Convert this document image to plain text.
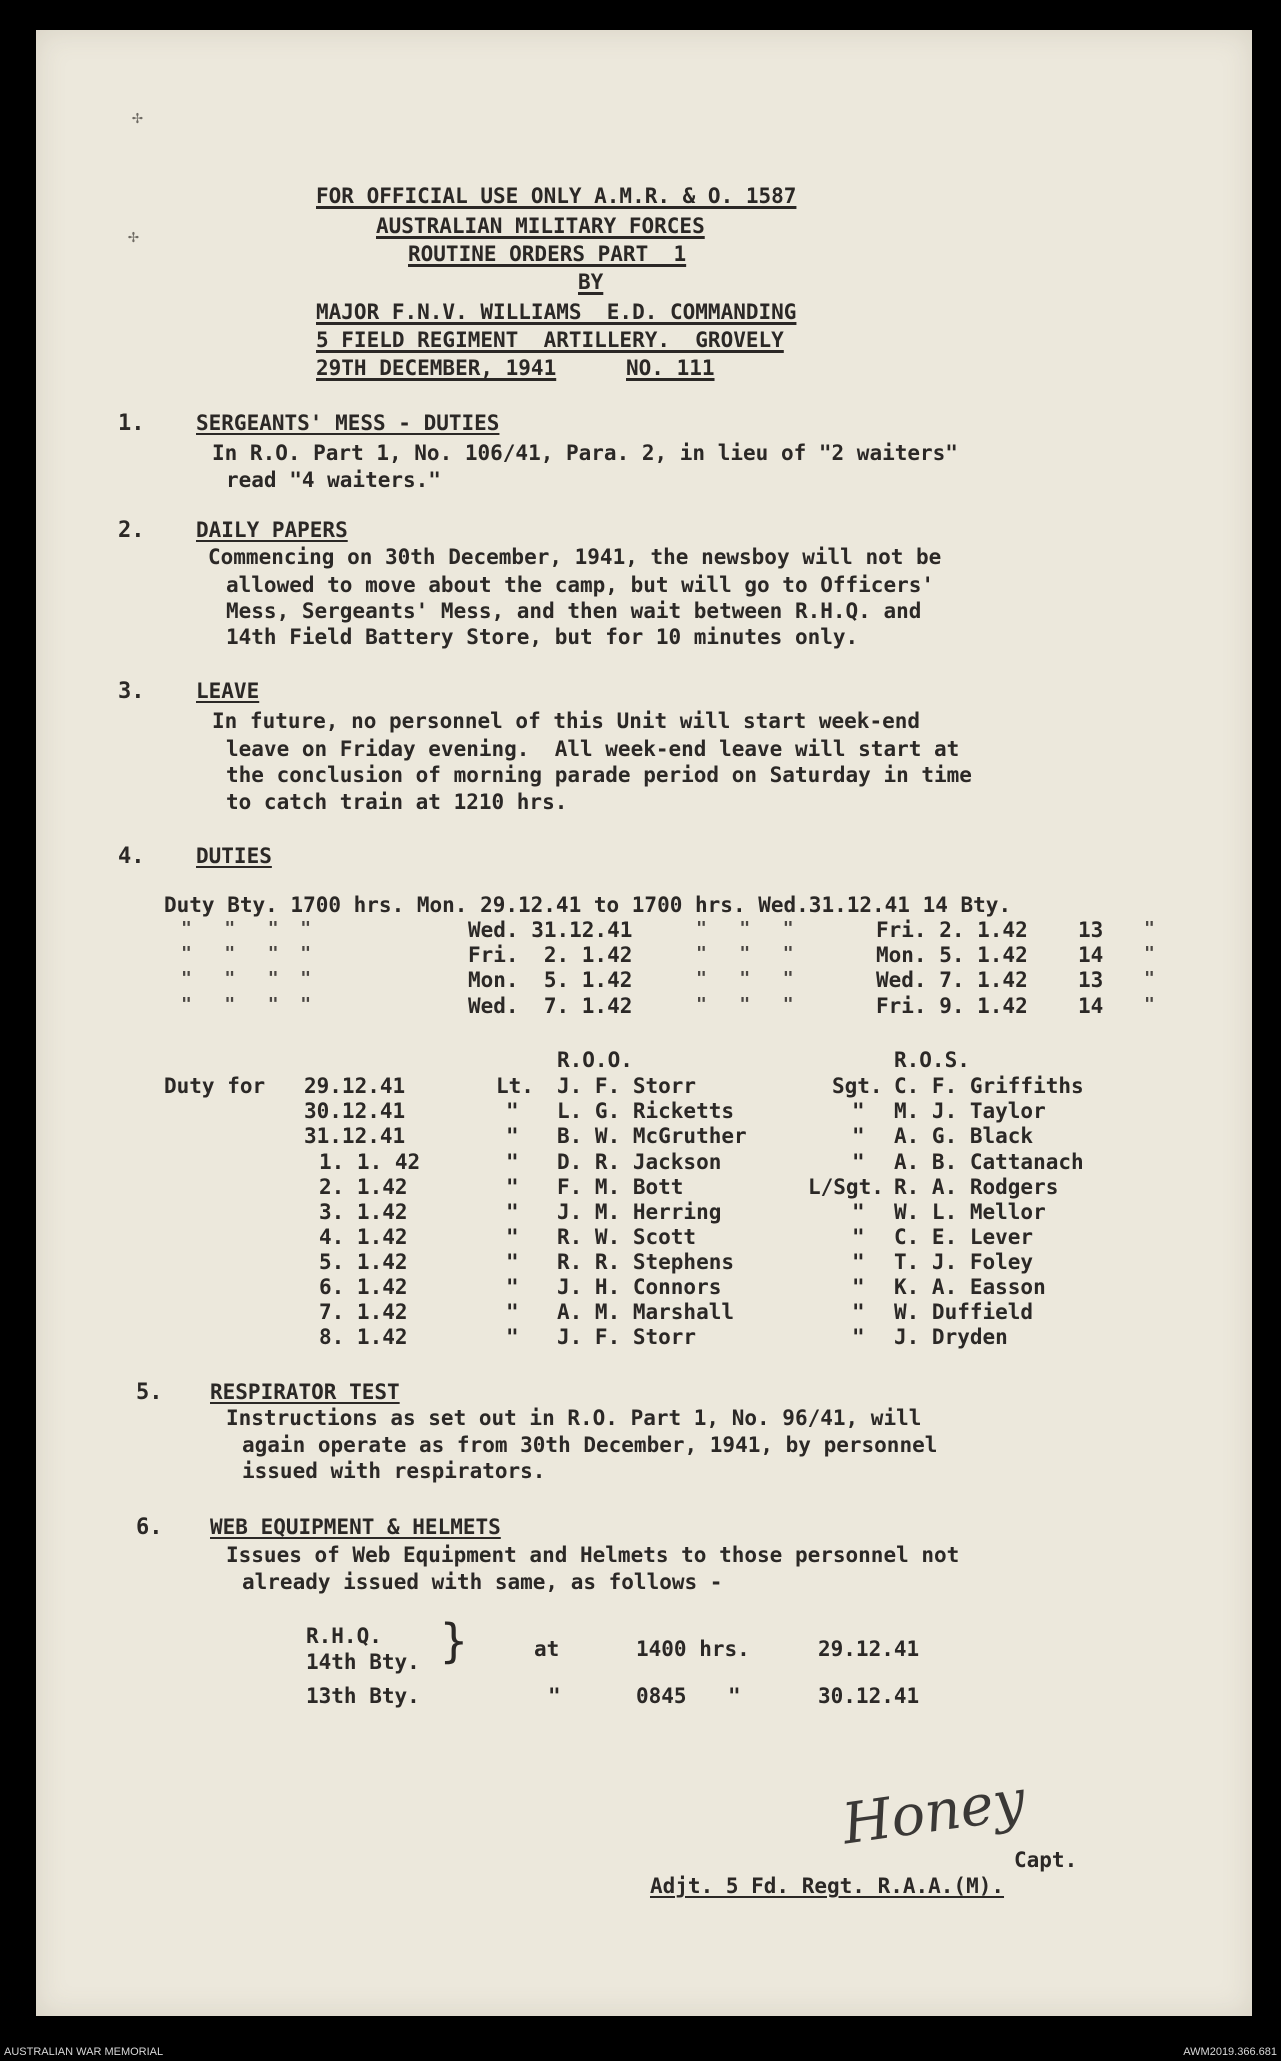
✢
✢
FOR OFFICIAL USE ONLY A.M.R. & O. 1587
AUSTRALIAN MILITARY FORCES
ROUTINE ORDERS PART  1
BY
MAJOR F.N.V. WILLIAMS  E.D. COMMANDING
5 FIELD REGIMENT  ARTILLERY.  GROVELY
29TH DECEMBER, 1941	NO. 111
1. SERGEANTS' MESS - DUTIES
In R.O. Part 1, No. 106/41, Para. 2, in lieu of "2 waiters"
read "4 waiters."
2. DAILY PAPERS
Commencing on 30th December, 1941, the newsboy will not be
allowed to move about the camp, but will go to Officers'
Mess, Sergeants' Mess, and then wait between R.H.Q. and
14th Field Battery Store, but for 10 minutes only.
3. LEAVE
In future, no personnel of this Unit will start week-end
leave on Friday evening.  All week-end leave will start at
the conclusion of morning parade period on Saturday in time
to catch train at 1210 hrs.
4. DUTIES
Duty Bty. 1700 hrs. Mon. 29.12.41 to 1700 hrs. Wed.31.12.41 14 Bty.
"   "   "  "	Wed. 31.12.41	"   "   "	Fri. 2. 1.42 13 "
"   "   "  "	Fri.  2. 1.42	"   "   "	Mon. 5. 1.42 14 "
"   "   "  "	Mon.  5. 1.42	"   "   "	Wed. 7. 1.42 13 "
"   "   "  "	Wed.  7. 1.42	"   "   "	Fri. 9. 1.42 14 "
R.O.O.	R.O.S.
Duty for 29.12.41	Lt. J. F. Storr	Sgt. C. F. Griffiths
30.12.41	" L. G. Ricketts	" M. J. Taylor
31.12.41	" B. W. McGruther	" A. G. Black
1. 1. 42	" D. R. Jackson	" A. B. Cattanach
2. 1.42	" F. M. Bott	L/Sgt. R. A. Rodgers
3. 1.42	" J. M. Herring	" W. L. Mellor
4. 1.42	" R. W. Scott	" C. E. Lever
5. 1.42	" R. R. Stephens	" T. J. Foley
6. 1.42	" J. H. Connors	" K. A. Easson
7. 1.42	" A. M. Marshall	" W. Duffield
8. 1.42	" J. F. Storr	" J. Dryden
5. RESPIRATOR TEST
Instructions as set out in R.O. Part 1, No. 96/41, will
again operate as from 30th December, 1941, by personnel
issued with respirators.
6. WEB EQUIPMENT & HELMETS
Issues of Web Equipment and Helmets to those personnel not
already issued with same, as follows -
R.H.Q.
14th Bty. }	at	1400 hrs.	29.12.41
13th Bty.	"	0845 "	30.12.41
Honey
Capt.
Adjt. 5 Fd. Regt. R.A.A.(M).
AUSTRALIAN WAR MEMORIAL	AWM2019.366.681
